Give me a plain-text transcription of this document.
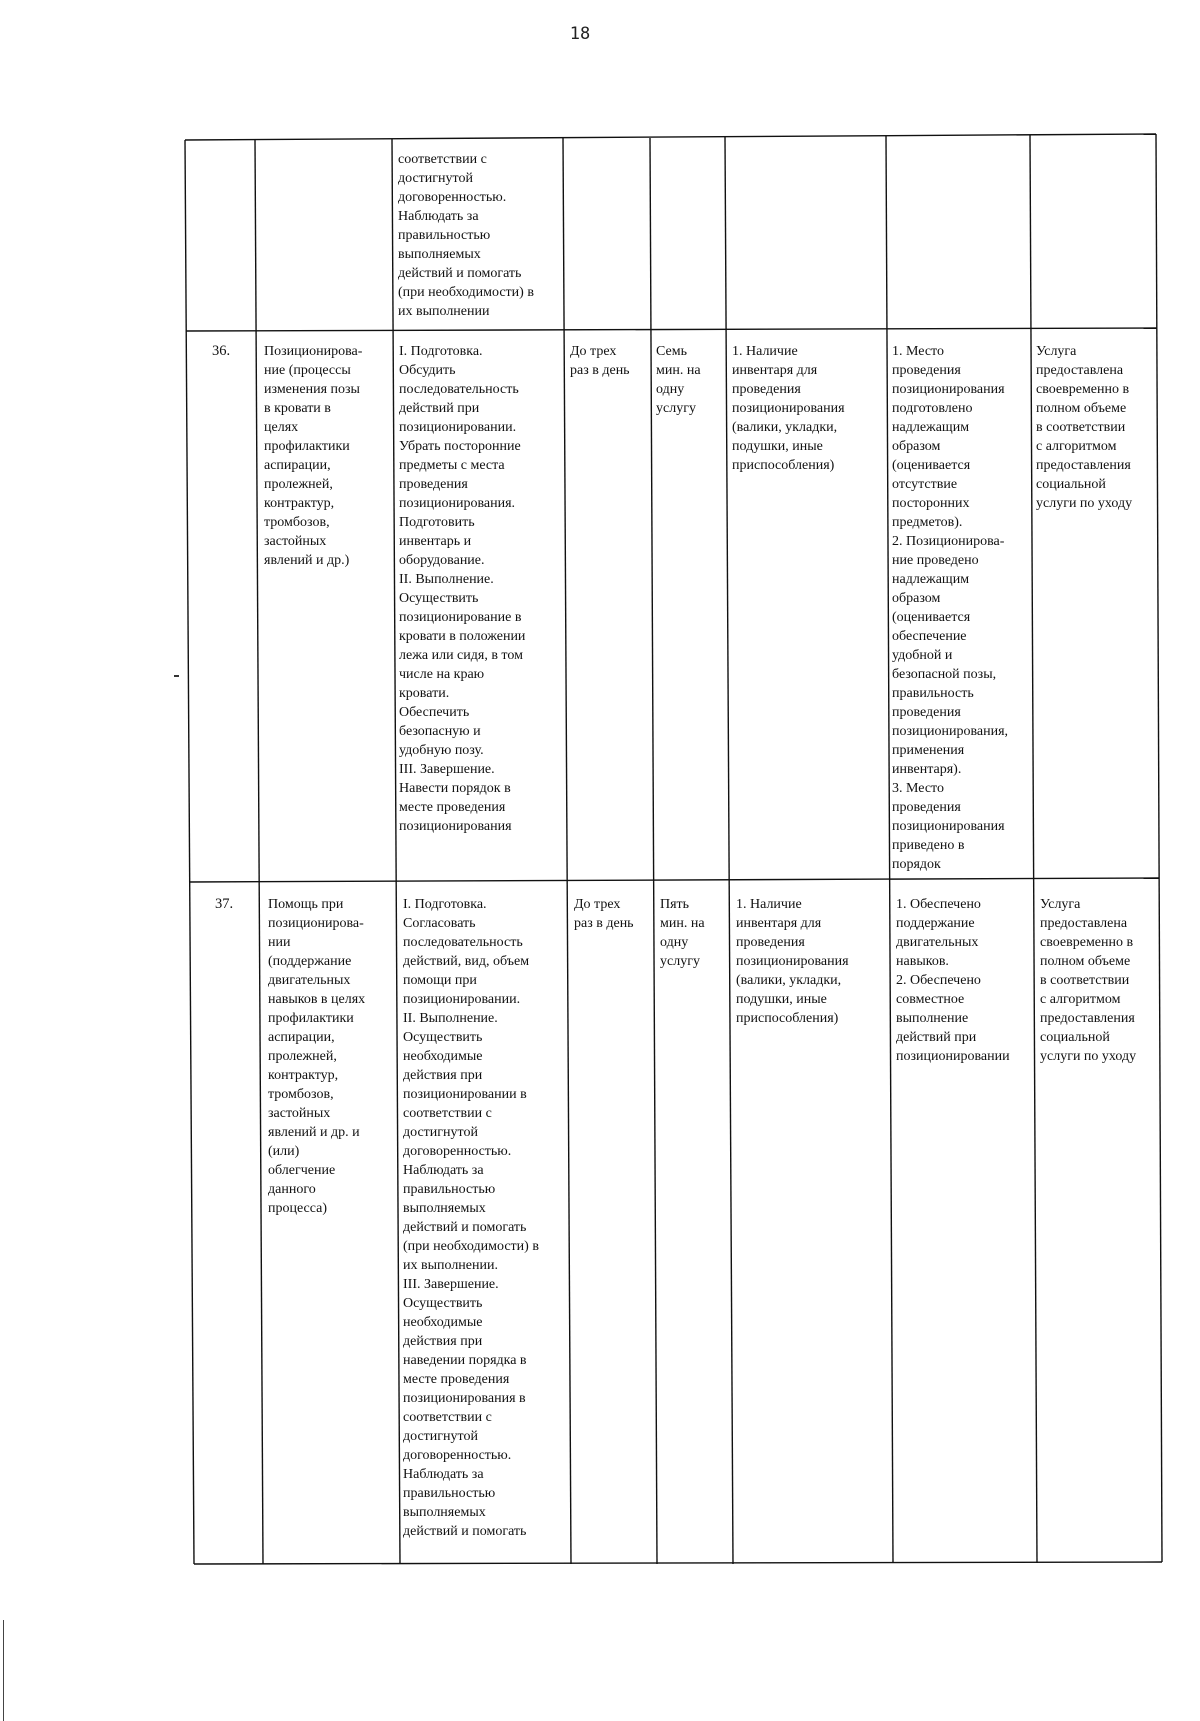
18
соответствии с
достигнутой
договоренностью.
Наблюдать за
правильностью
выполняемых
действий и помогать
(при необходимости) в
их выполнении
36.	Позиционирова-
ние (процессы
изменения позы
в кровати в
целях
профилактики
аспирации,
пролежней,
контрактур,
тромбозов,
застойных
явлений и др.)
I. Подготовка.
Обсудить
последовательность
действий при
позиционировании.
Убрать посторонние
предметы с места
проведения
позиционирования.
Подготовить
инвентарь и
оборудование.
II. Выполнение.
Осуществить
позиционирование в
кровати в положении
лежа или сидя, в том
числе на краю
кровати.
Обеспечить
безопасную и
удобную позу.
III. Завершение.
Навести порядок в
месте проведения
позиционирования
До трех
раз в день
Семь
мин. на
одну
услугу
1. Наличие
инвентаря для
проведения
позиционирования
(валики, укладки,
подушки, иные
приспособления)
1. Место
проведения
позиционирования
подготовлено
надлежащим
образом
(оценивается
отсутствие
посторонних
предметов).
2. Позиционирова-
ние проведено
надлежащим
образом
(оценивается
обеспечение
удобной и
безопасной позы,
правильность
проведения
позиционирования,
применения
инвентаря).
3. Место
проведения
позиционирования
приведено в
порядок
Услуга
предоставлена
своевременно в
полном объеме
в соответствии
с алгоритмом
предоставления
социальной
услуги по уходу
37.	Помощь при
позиционирова-
нии
(поддержание
двигательных
навыков в целях
профилактики
аспирации,
пролежней,
контрактур,
тромбозов,
застойных
явлений и др. и
(или)
облегчение
данного
процесса)
I. Подготовка.
Согласовать
последовательность
действий, вид, объем
помощи при
позиционировании.
II. Выполнение.
Осуществить
необходимые
действия при
позиционировании в
соответствии с
достигнутой
договоренностью.
Наблюдать за
правильностью
выполняемых
действий и помогать
(при необходимости) в
их выполнении.
III. Завершение.
Осуществить
необходимые
действия при
наведении порядка в
месте проведения
позиционирования в
соответствии с
достигнутой
договоренностью.
Наблюдать за
правильностью
выполняемых
действий и помогать
До трех
раз в день
Пять
мин. на
одну
услугу
1. Наличие
инвентаря для
проведения
позиционирования
(валики, укладки,
подушки, иные
приспособления)
1. Обеспечено
поддержание
двигательных
навыков.
2. Обеспечено
совместное
выполнение
действий при
позиционировании
Услуга
предоставлена
своевременно в
полном объеме
в соответствии
с алгоритмом
предоставления
социальной
услуги по уходу
